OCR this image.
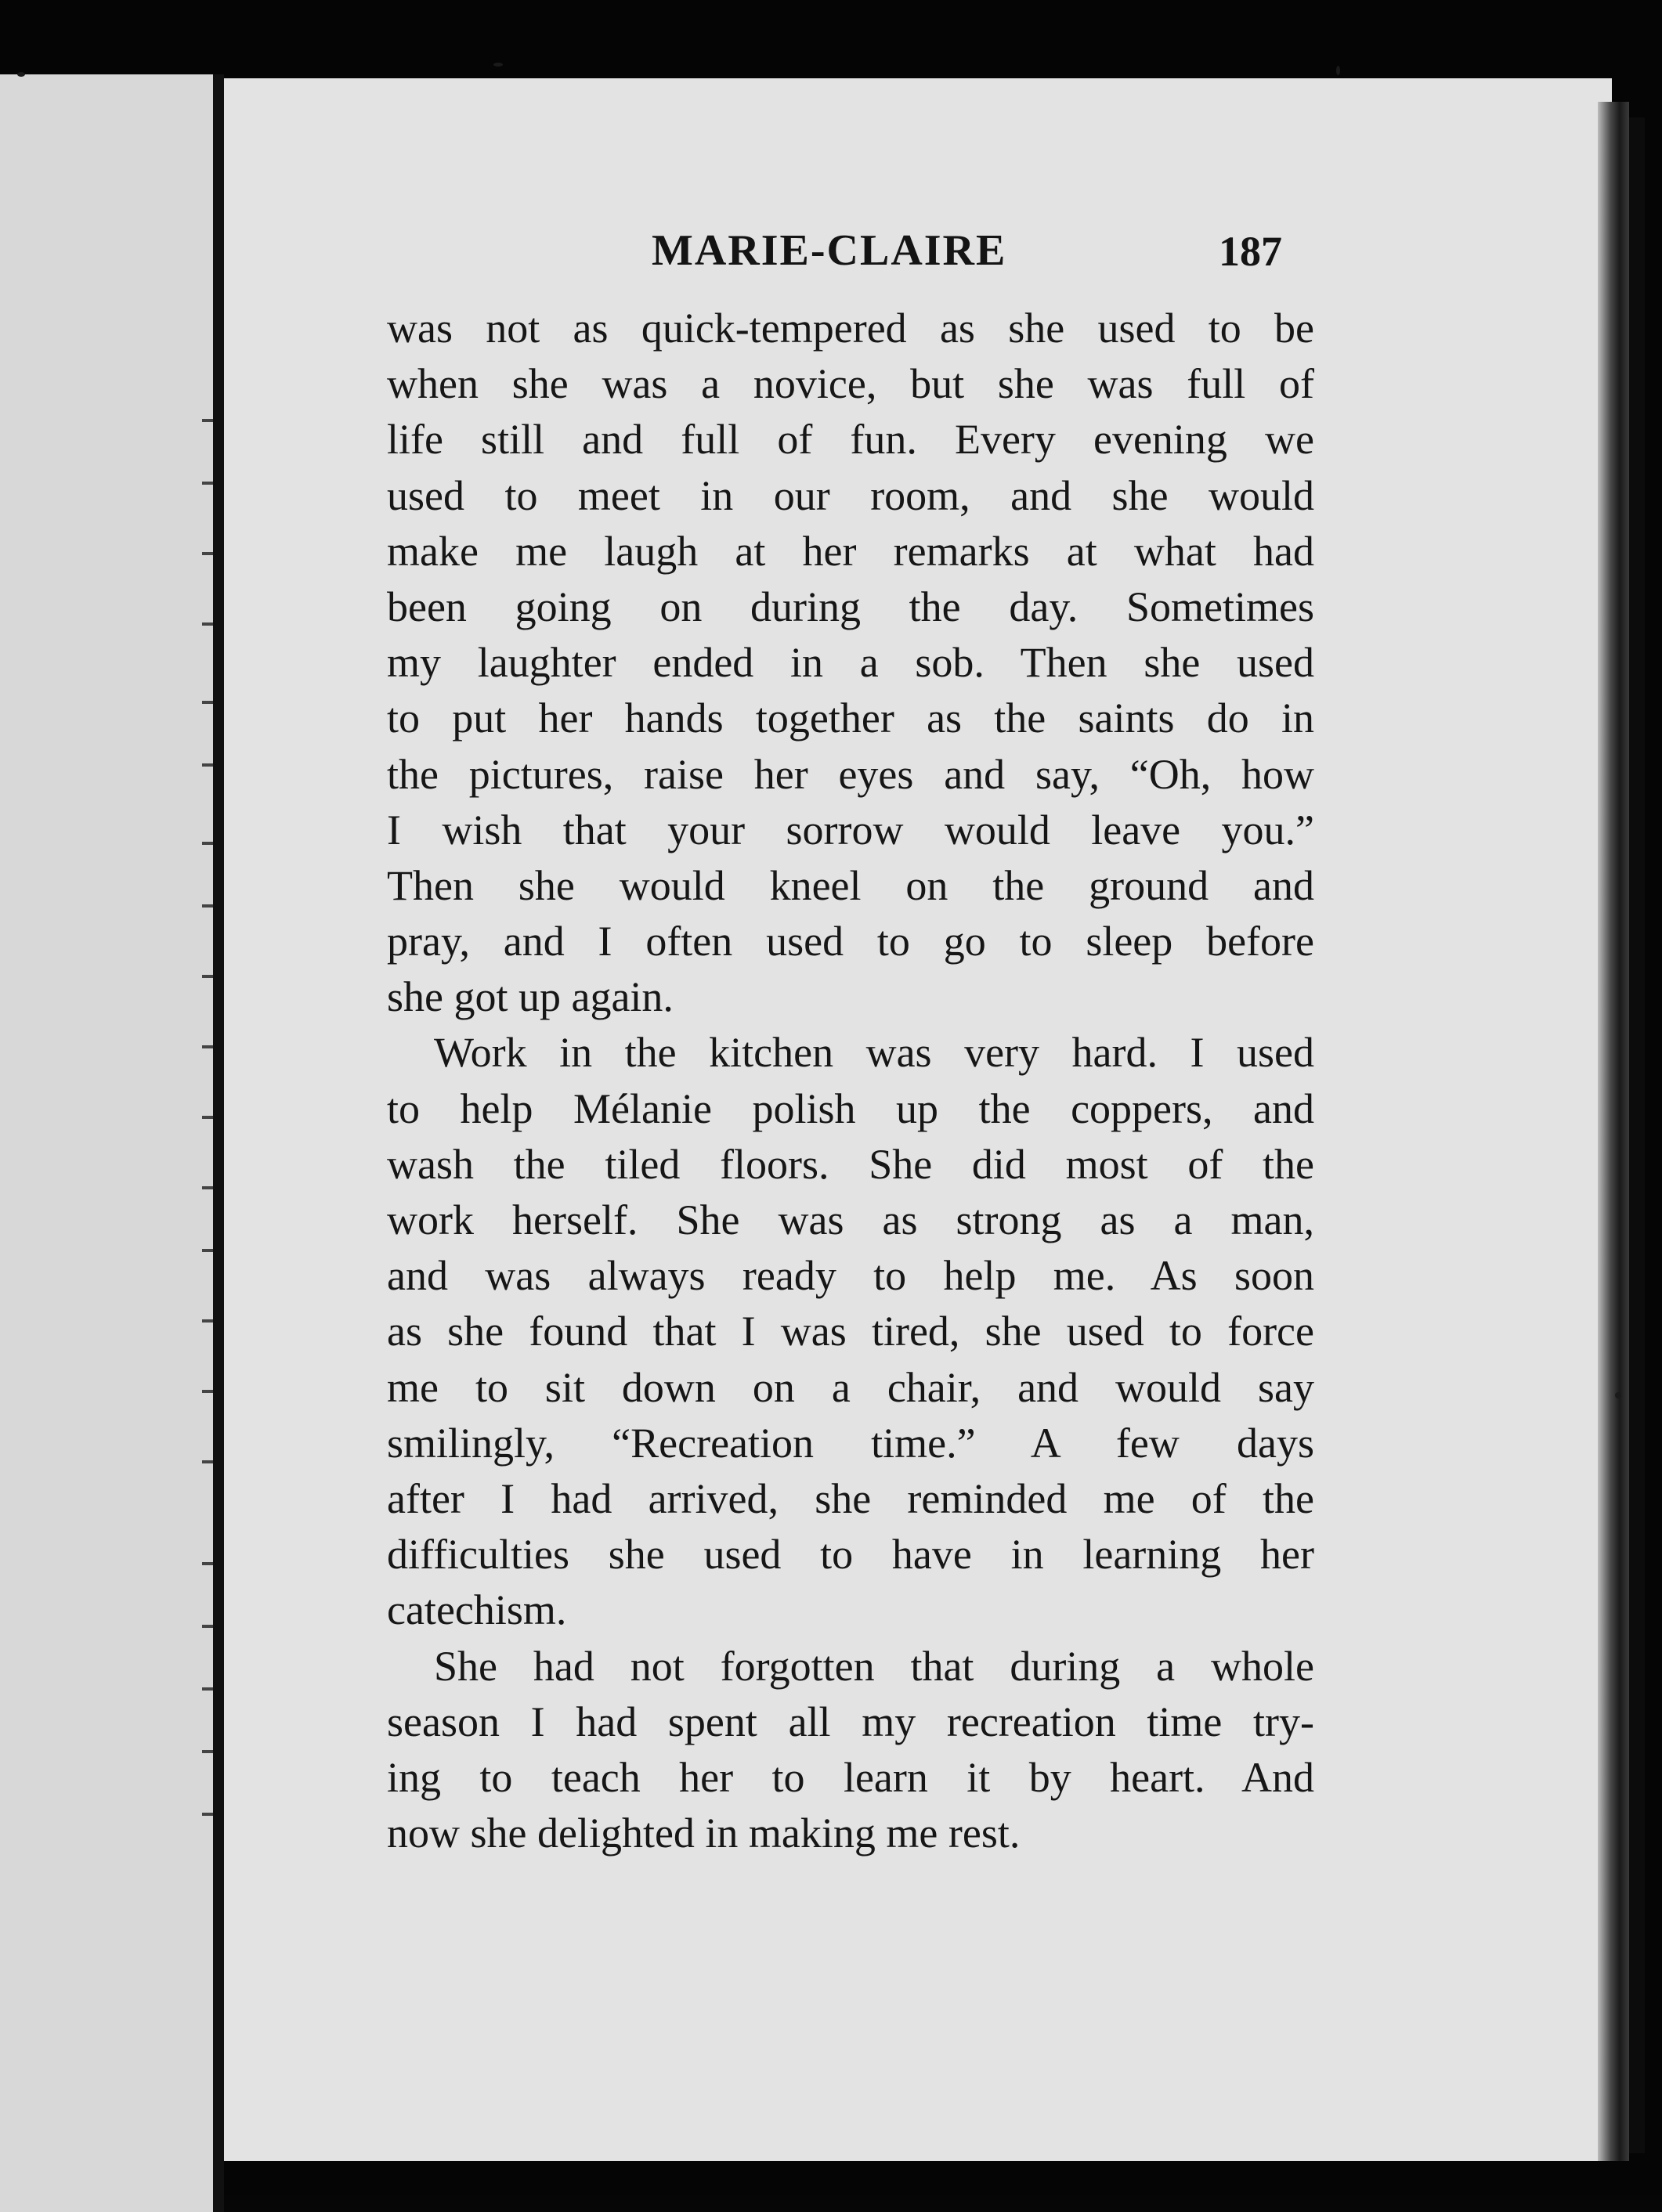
MARIE-CLAIRE	187
was not as quick-tempered as she used to be
when she was a novice, but she was full of
life still and full of fun. Every evening we
used to meet in our room, and she would
make me laugh at her remarks at what had
been going on during the day. Sometimes
my laughter ended in a sob. Then she used
to put her hands together as the saints do in
the pictures, raise her eyes and say, “Oh, how
I wish that your sorrow would leave you.”
Then she would kneel on the ground and
pray, and I often used to go to sleep before
she got up again.
Work in the kitchen was very hard. I used
to help Mélanie polish up the coppers, and
wash the tiled floors. She did most of the
work herself. She was as strong as a man,
and was always ready to help me. As soon
as she found that I was tired, she used to force
me to sit down on a chair, and would say
smilingly, “Recreation time.” A few days
after I had arrived, she reminded me of the
difficulties she used to have in learning her
catechism.
She had not forgotten that during a whole
season I had spent all my recreation time try-
ing to teach her to learn it by heart. And
now she delighted in making me rest.
